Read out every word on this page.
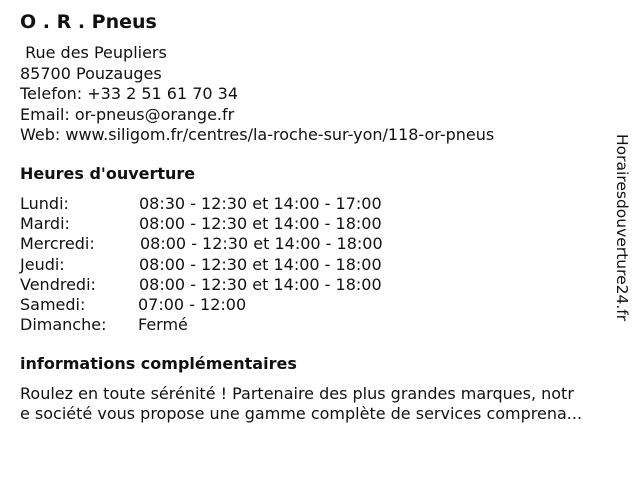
O . R . Pneus
Rue des Peupliers
85700 Pouzauges
Telefon: +33 2 51 61 70 34
Email: or-pneus@orange.fr
Web: www.siligom.fr/centres/la-roche-sur-yon/118-or-pneus
Heures d'ouverture
Lundi:	08:30 - 12:30 et 14:00 - 17:00
Mardi:	08:00 - 12:30 et 14:00 - 18:00
Mercredi:	08:00 - 12:30 et 14:00 - 18:00
Jeudi:	08:00 - 12:30 et 14:00 - 18:00
Vendredi:	08:00 - 12:30 et 14:00 - 18:00
Samedi:	07:00 - 12:00
Dimanche: Fermé
informations complémentaires
Roulez en toute sérénité ! Partenaire des plus grandes marques, notr
e société vous propose une gamme complète de services comprena...
Horairesdouverture24.fr
